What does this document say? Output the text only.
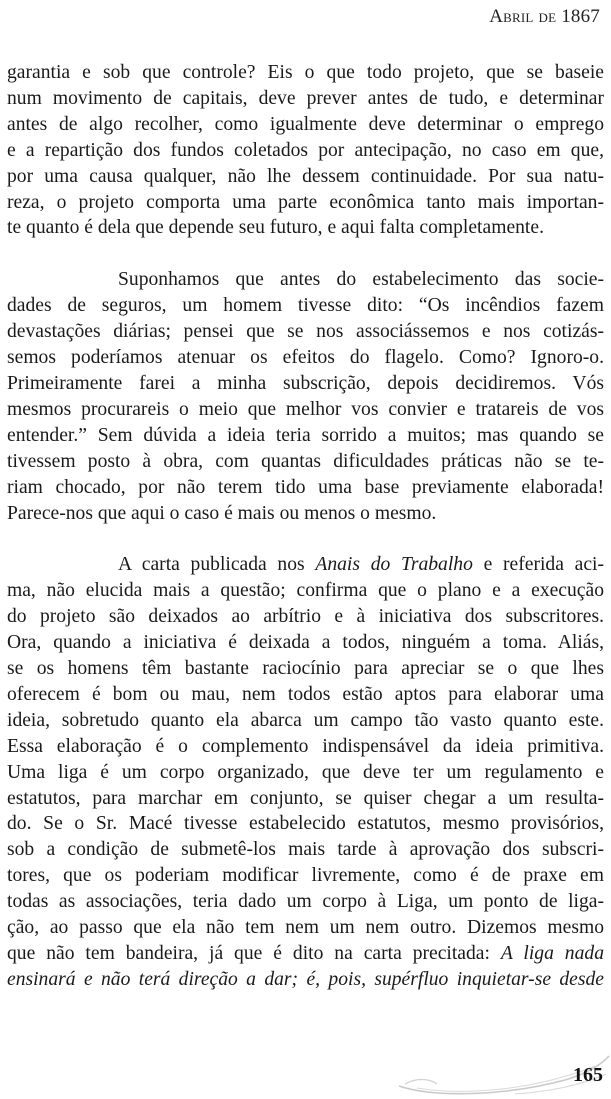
Abril de 1867

garantia e sob que controle? Eis o que todo projeto, que se baseie
num movimento de capitais, deve prever antes de tudo, e determinar
antes de algo recolher, como igualmente deve determinar o emprego
e a repartição dos fundos coletados por antecipação, no caso em que,
por uma causa qualquer, não lhe dessem continuidade. Por sua natu-
reza, o projeto comporta uma parte econômica tanto mais importan-
te quanto é dela que depende seu futuro, e aqui falta completamente.

Suponhamos que antes do estabelecimento das socie-
dades de seguros, um homem tivesse dito: “Os incêndios fazem
devastações diárias; pensei que se nos associássemos e nos cotizás-
semos poderíamos atenuar os efeitos do flagelo. Como? Ignoro-o.
Primeiramente farei a minha subscrição, depois decidiremos. Vós
mesmos procurareis o meio que melhor vos convier e tratareis de vos
entender.” Sem dúvida a ideia teria sorrido a muitos; mas quando se
tivessem posto à obra, com quantas dificuldades práticas não se te-
riam chocado, por não terem tido uma base previamente elaborada!
Parece-nos que aqui o caso é mais ou menos o mesmo.

A carta publicada nos Anais do Trabalho e referida aci-
ma, não elucida mais a questão; confirma que o plano e a execução
do projeto são deixados ao arbítrio e à iniciativa dos subscritores.
Ora, quando a iniciativa é deixada a todos, ninguém a toma. Aliás,
se os homens têm bastante raciocínio para apreciar se o que lhes
oferecem é bom ou mau, nem todos estão aptos para elaborar uma
ideia, sobretudo quanto ela abarca um campo tão vasto quanto este.
Essa elaboração é o complemento indispensável da ideia primitiva.
Uma liga é um corpo organizado, que deve ter um regulamento e
estatutos, para marchar em conjunto, se quiser chegar a um resulta-
do. Se o Sr. Macé tivesse estabelecido estatutos, mesmo provisórios,
sob a condição de submetê-los mais tarde à aprovação dos subscri-
tores, que os poderiam modificar livremente, como é de praxe em
todas as associações, teria dado um corpo à Liga, um ponto de liga-
ção, ao passo que ela não tem nem um nem outro. Dizemos mesmo
que não tem bandeira, já que é dito na carta precitada: A liga nada
ensinará e não terá direção a dar; é, pois, supérfluo inquietar-se desde

165
